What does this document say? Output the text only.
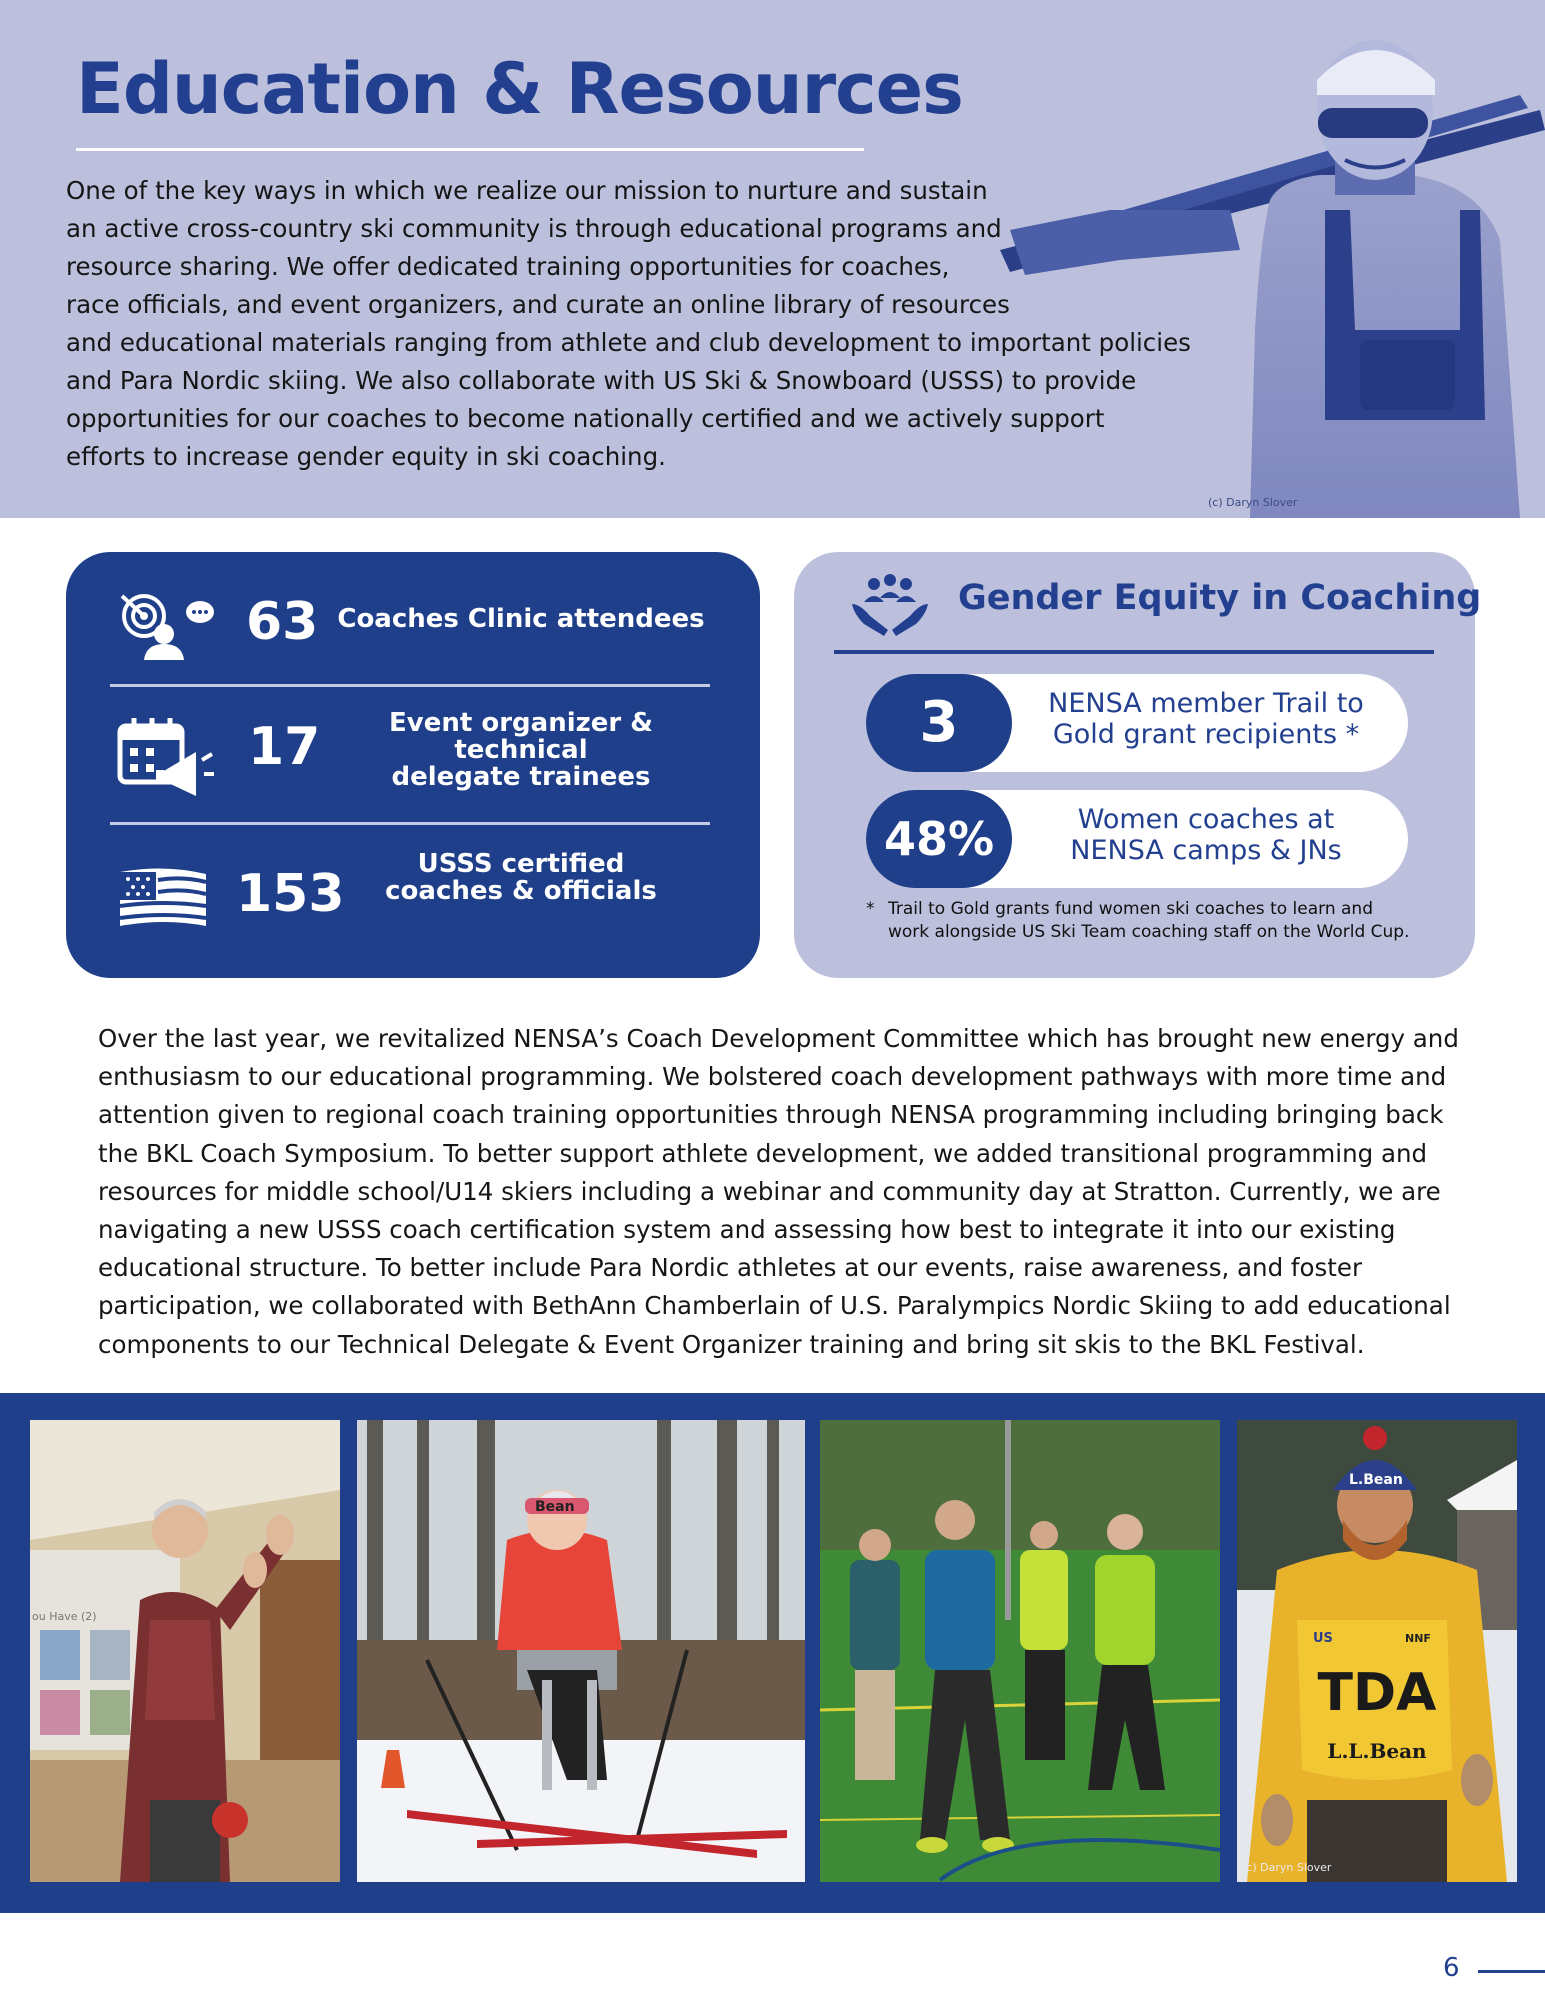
Education & Resources
One of the key ways in which we realize our mission to nurture and sustain
an active cross-country ski community is through educational programs and
resource sharing. We offer dedicated training opportunities for coaches,
race officials, and event organizers, and curate an online library of resources
and educational materials ranging from athlete and club development to important policies
and Para Nordic skiing. We also collaborate with US Ski & Snowboard (USSS) to provide
opportunities for our coaches to become nationally certified and we actively support
efforts to increase gender equity in ski coaching.
(c) Daryn Slover
63 Coaches Clinic attendees
17	Event organizer & technical
delegate trainees
153	USSS certified
coaches & officials
Gender Equity in Coaching
3	NENSA member Trail to
Gold grant recipients *
48%	Women coaches at
NENSA camps & JNs
* Trail to Gold grants fund women ski coaches to learn and
work alongside US Ski Team coaching staff on the World Cup.
Over the last year, we revitalized NENSA’s Coach Development Committee which has brought new energy and
enthusiasm to our educational programming. We bolstered coach development pathways with more time and
attention given to regional coach training opportunities through NENSA programming including bringing back
the BKL Coach Symposium. To better support athlete development, we added transitional programming and
resources for middle school/U14 skiers including a webinar and community day at Stratton. Currently, we are
navigating a new USSS coach certification system and assessing how best to integrate it into our existing
educational structure. To better include Para Nordic athletes at our events, raise awareness, and foster
participation, we collaborated with BethAnn Chamberlain of U.S. Paralympics Nordic Skiing to add educational
components to our Technical Delegate & Event Organizer training and bring sit skis to the BKL Festival.
ou Have (2)
Bean
L.Bean
US	NNF
TDA
L.L.Bean
(c) Daryn Slover
6
